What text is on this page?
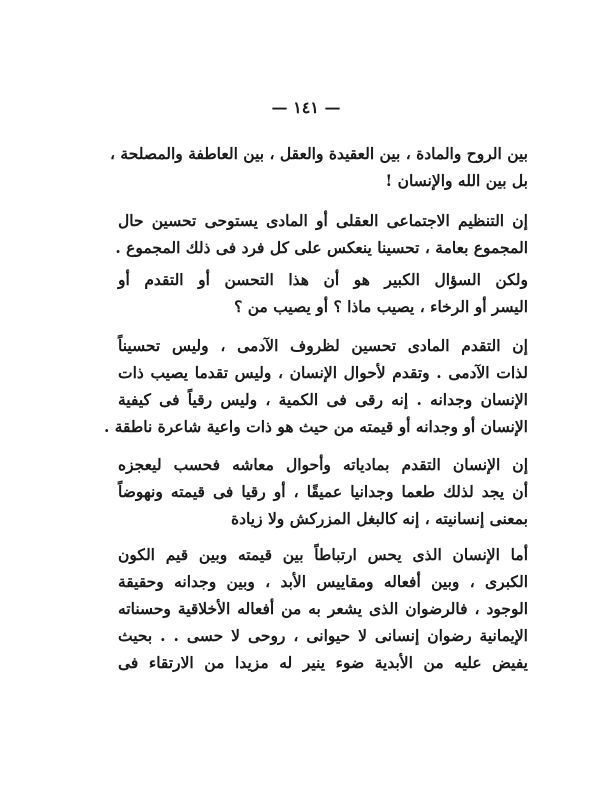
— ١٤١ —
بين الروح والمادة ، بين العقيدة والعقل ، بين العاطفة والمصلحة ،
بل بين الله والإنسان !
إن التنظيم الاجتماعى العقلى أو المادى يستوحى تحسين حال
المجموع بعامة ، تحسينا ينعكس على كل فرد فى ذلك المجموع .
ولكن السؤال الكبير هو أن هذا التحسن أو التقدم أو
اليسر أو الرخاء ، يصيب ماذا ؟ أو يصيب من ؟
إن التقدم المادى تحسين لظروف الآدمى ، وليس تحسيناً
لذات الآدمى . وتقدم لأحوال الإنسان ، وليس تقدما يصيب ذات
الإنسان وجدانه . إنه رقى فى الكمية ، وليس رقياً فى كيفية
الإنسان أو وجدانه أو قيمته من حيث هو ذات واعية شاعرة ناطقة .
إن الإنسان التقدم بمادياته وأحوال معاشه فحسب ليعجزه
أن يجد لذلك طعما وجدانيا عميقًا ، أو رقيا فى قيمته ونهوضاً
بمعنى إنسانيته ، إنه كالبغل المزركش ولا زيادة
أما الإنسان الذى يحس ارتباطاً بين قيمته وبين قيم الكون
الكبرى ، وبين أفعاله ومقاييس الأبد ، وبين وجدانه وحقيقة
الوجود ، فالرضوان الذى يشعر به من أفعاله الأخلاقية وحسناته
الإيمانية رضوان إنسانى لا حيوانى ، روحى لا حسى . . بحيث
يفيض عليه من الأبدية ضوء ينير له مزيدا من الارتقاء فى
